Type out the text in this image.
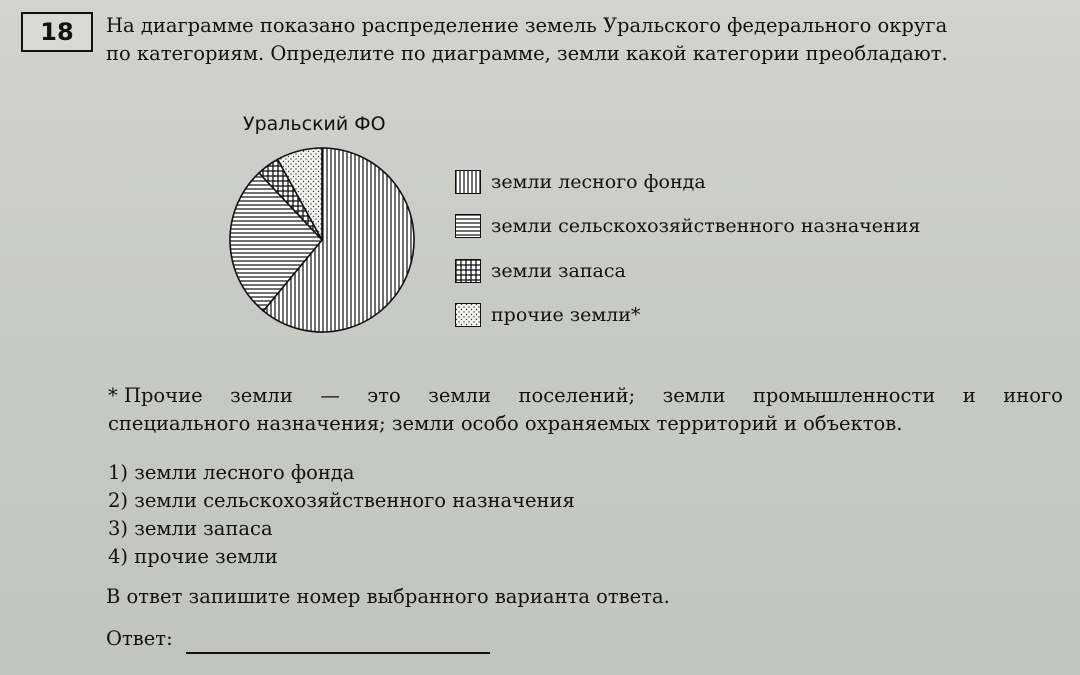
18	На диаграмме показано распределение земель Уральского федерального округа
по категориям. Определите по диаграмме, земли какой категории преобладают.
Уральский ФО
земли лесного фонда
земли сельскохозяйственного назначения
земли запаса
прочие земли*
* Прочие земли — это земли поселений; земли промышленности и иного
специального назначения; земли особо охраняемых территорий и объектов.
1) земли лесного фонда
2) земли сельскохозяйственного назначения
3) земли запаса
4) прочие земли
В ответ запишите номер выбранного варианта ответа.
Ответ:
